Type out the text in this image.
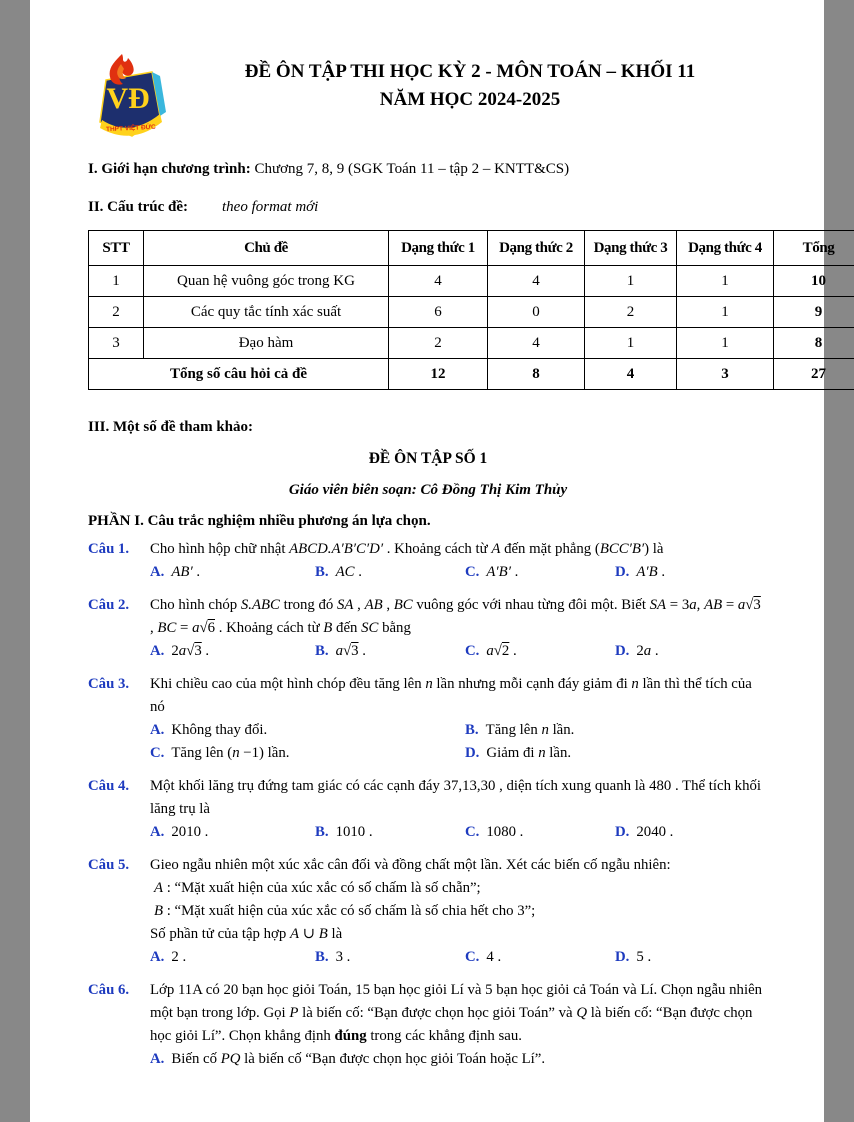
VĐ
THPT VIỆT ĐỨC
ĐỀ ÔN TẬP THI HỌC KỲ 2 - MÔN TOÁN – KHỐI 11
NĂM HỌC 2024-2025

I. Giới hạn chương trình: Chương 7, 8, 9 (SGK Toán 11 – tập 2 – KNTT&CS)

II. Cấu trúc đề: theo format mới

STT	Chủ đề	Dạng thức 1	Dạng thức 2	Dạng thức 3	Dạng thức 4	Tổng
1	Quan hệ vuông góc trong KG	4	4	1	1	10
2	Các quy tắc tính xác suất	6	0	2	1	9
3	Đạo hàm	2	4	1	1	8
Tổng số câu hỏi cả đề		12	8	4	3	27

III. Một số đề tham khảo:

ĐỀ ÔN TẬP SỐ 1
Giáo viên biên soạn: Cô Đồng Thị Kim Thủy
PHẦN I. Câu trắc nghiệm nhiều phương án lựa chọn.
Câu 1.	Cho hình hộp chữ nhật ABCD.A′B′C′D′ . Khoảng cách từ A đến mặt phẳng (BCC′B′) là

A. AB′ .	B. AC .	C. A′B′ .	D. A′B .
Câu 2.	Cho hình chóp S.ABC trong đó SA , AB , BC vuông góc với nhau từng đôi một. Biết SA = 3a, AB = a√3 , BC = a√6 . Khoảng cách từ B đến SC bằng

A. 2a√3 .	B. a√3 .	C. a√2 .	D. 2a .
Câu 3.	Khi chiều cao của một hình chóp đều tăng lên n lần nhưng mỗi cạnh đáy giảm đi n lần thì thể tích của nó

A. Không thay đổi.	B. Tăng lên n lần.
C. Tăng lên (n −1) lần.	D. Giảm đi n lần.
Câu 4.	Một khối lăng trụ đứng tam giác có các cạnh đáy 37,13,30 , diện tích xung quanh là 480 . Thể tích khối lăng trụ là

A. 2010 .	B. 1010 .	C. 1080 .	D. 2040 .
Câu 5.	Gieo ngẫu nhiên một xúc xắc cân đối và đồng chất một lần. Xét các biến cố ngẫu nhiên:

A : “Mặt xuất hiện của xúc xắc có số chấm là số chẵn”;
B : “Mặt xuất hiện của xúc xắc có số chấm là số chia hết cho 3”;
Số phần tử của tập hợp A ∪ B là
A. 2 .	B. 3 .	C. 4 .	D. 5 .
Câu 6.	Lớp 11A có 20 bạn học giỏi Toán, 15 bạn học giỏi Lí và 5 bạn học giỏi cả Toán và Lí. Chọn ngẫu nhiên một bạn trong lớp. Gọi P là biến cố: “Bạn được chọn học giỏi Toán” và Q là biến cố: “Bạn được chọn học giỏi Lí”. Chọn khẳng định đúng trong các khẳng định sau.

A. Biến cố PQ là biến cố “Bạn được chọn học giỏi Toán hoặc Lí”.
